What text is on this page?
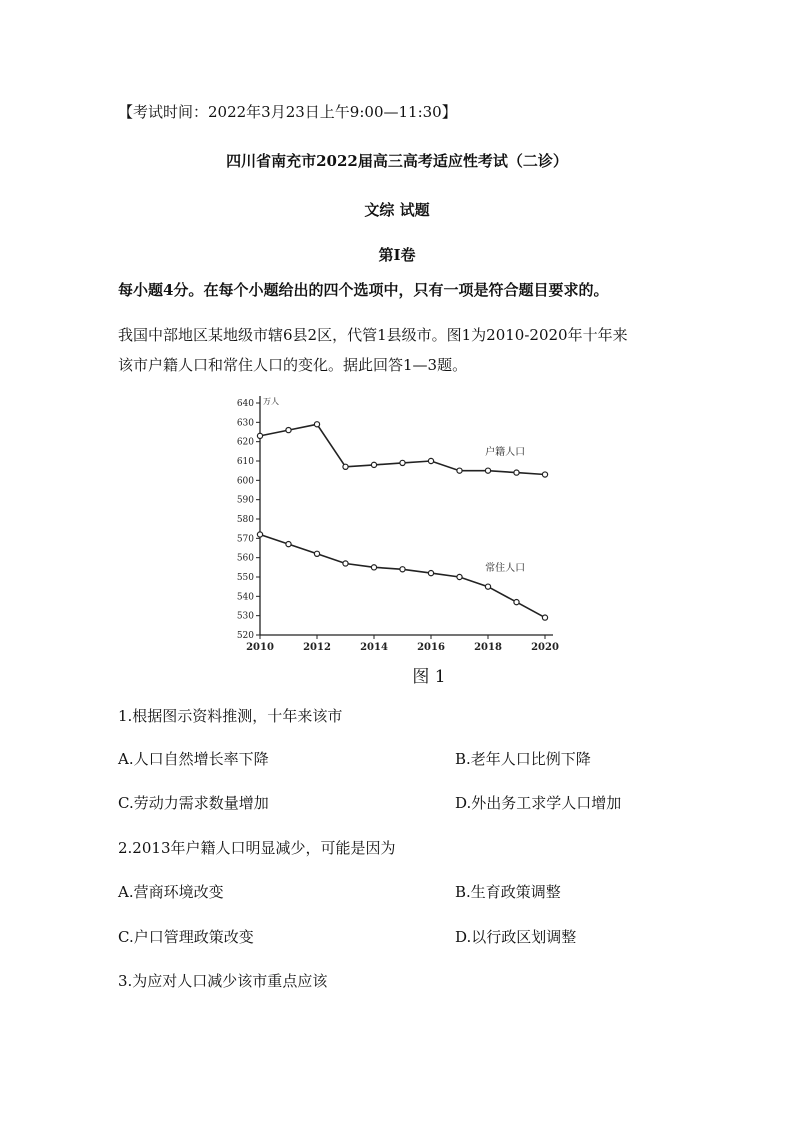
【考试时间：2022年3月23日上午9:00—11:30】
四川省南充市2022届高三高考适应性考试（二诊）
文综 试题
第Ⅰ卷
每小题4分。在每个小题给出的四个选项中，只有一项是符合题目要求的。
我国中部地区某地级市辖6县2区，代管1县级市。图1为2010-2020年十年来
该市户籍人口和常住人口的变化。据此回答1—3题。
万人
520
530
540
550
560
570
580
590
600
610
620
630
640
2010	2012	2014	2016	2018	2020
户籍人口
常住人口
图 1
1.根据图示资料推测，十年来该市
A.人口自然增长率下降	B.老年人口比例下降
C.劳动力需求数量增加	D.外出务工求学人口增加
2.2013年户籍人口明显减少，可能是因为
A.营商环境改变	B.生育政策调整
C.户口管理政策改变	D.以行政区划调整
3.为应对人口减少该市重点应该
